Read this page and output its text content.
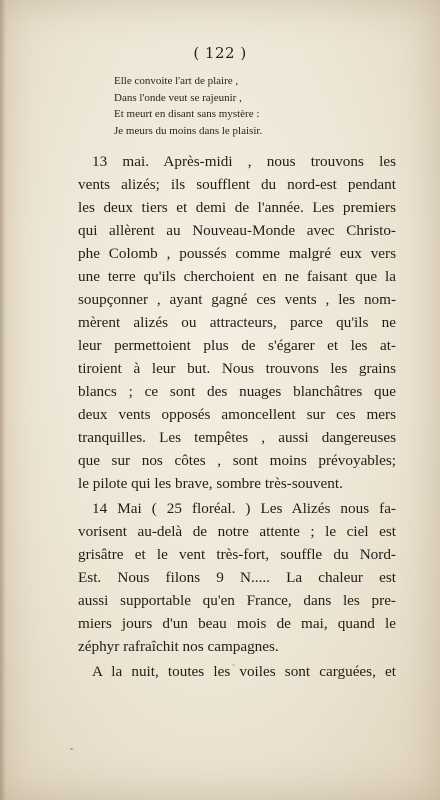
( 122 )
Elle convoite l'art de plaire ,
Dans l'onde veut se rajeunir ,
Et meurt en disant sans mystère :
Je meurs du moins dans le plaisir.
13 mai. Après-midi , nous trouvons les
vents alizés; ils soufflent du nord-est pendant
les deux tiers et demi de l'année. Les premiers
qui allèrent au Nouveau-Monde avec Christo-
phe Colomb , poussés comme malgré eux vers
une terre qu'ils cherchoient en ne faisant que la
soupçonner , ayant gagné ces vents , les nom-
mèrent alizés ou attracteurs, parce qu'ils ne
leur permettoient plus de s'égarer et les at-
tiroient à leur but. Nous trouvons les grains
blancs ; ce sont des nuages blanchâtres que
deux vents opposés amoncellent sur ces mers
tranquilles. Les tempêtes , aussi dangereuses
que sur nos côtes , sont moins prévoyables;
le pilote qui les brave, sombre très-souvent.
14 Mai ( 25 floréal. ) Les Alizés nous fa-
vorisent au-delà de notre attente ; le ciel est
grisâtre et le vent très-fort, souffle du Nord-
Est. Nous filons 9 N..... La chaleur est
aussi supportable qu'en France, dans les pre-
miers jours d'un beau mois de mai, quand le
zéphyr rafraîchit nos campagnes.
A la nuit, toutes les voiles sont carguées, et
